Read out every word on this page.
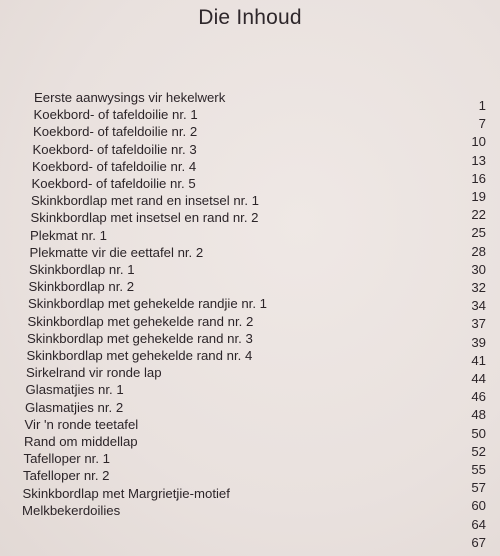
Die Inhoud
Eerste aanwysings vir hekelwerk
1
Koekbord- of tafeldoilie nr. 1
7
Koekbord- of tafeldoilie nr. 2
10
Koekbord- of tafeldoilie nr. 3
13
Koekbord- of tafeldoilie nr. 4
16
Koekbord- of tafeldoilie nr. 5
19
Skinkbordlap met rand en insetsel nr. 1
22
Skinkbordlap met insetsel en rand nr. 2
25
Plekmat nr. 1
28
Plekmatte vir die eettafel nr. 2
30
Skinkbordlap nr. 1
32
Skinkbordlap nr. 2
34
Skinkbordlap met gehekelde randjie nr. 1
37
Skinkbordlap met gehekelde rand nr. 2
39
Skinkbordlap met gehekelde rand nr. 3
41
Skinkbordlap met gehekelde rand nr. 4
44
Sirkelrand vir ronde lap
46
Glasmatjies nr. 1
48
Glasmatjies nr. 2
50
Vir 'n ronde teetafel
52
Rand om middellap
55
Tafelloper nr. 1
57
Tafelloper nr. 2
60
Skinkbordlap met Margrietjie-motief
64
Melkbekerdoilies
67
